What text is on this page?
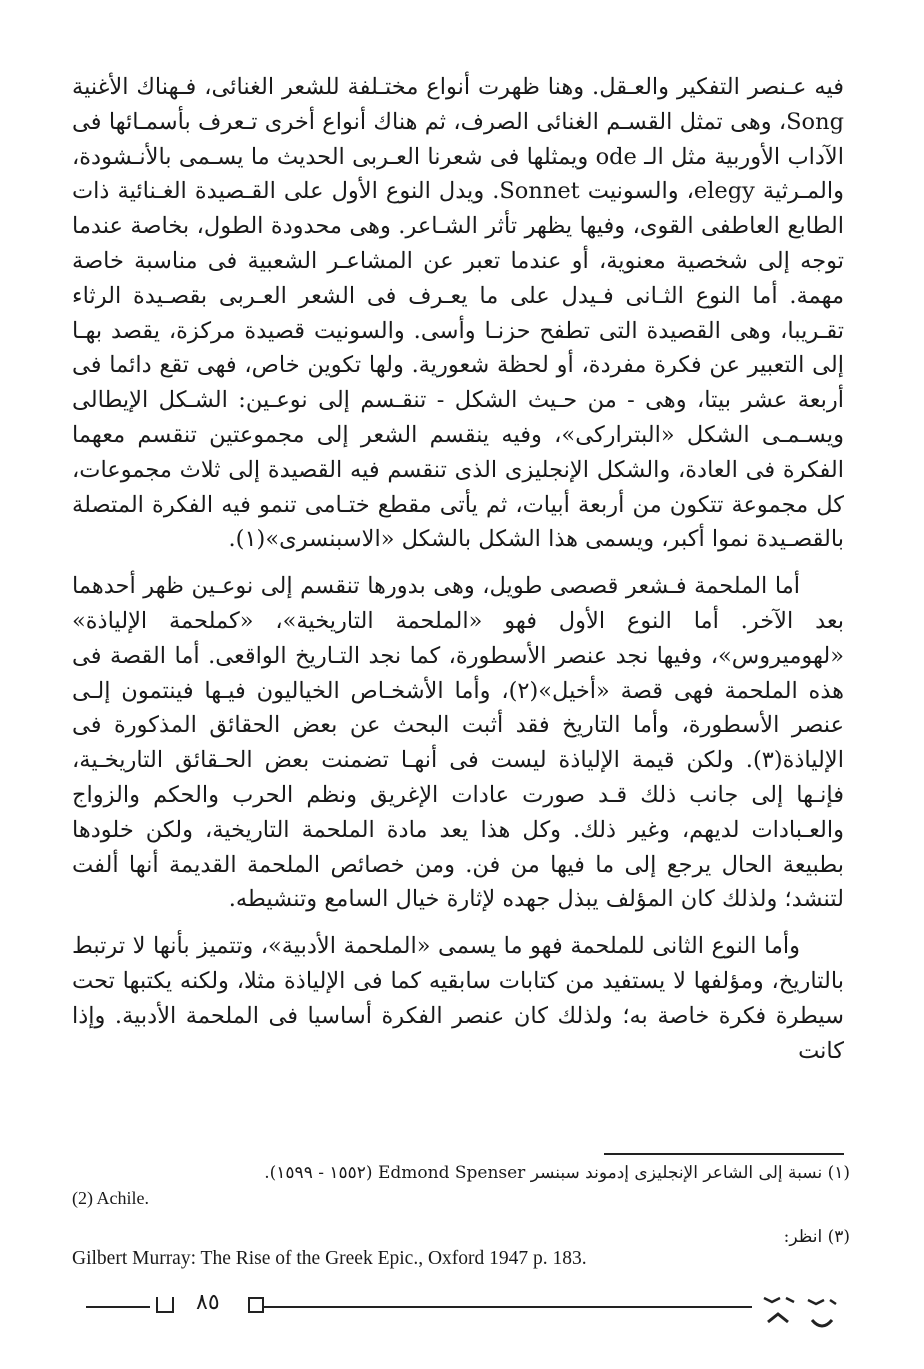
فيه عـنصر التفكير والعـقل. وهنا ظهرت أنواع مختـلفة للشعر الغنائى، فـهناك الأغنية Song، وهى تمثل القسـم الغنائى الصرف، ثم هناك أنواع أخرى تـعرف بأسمـائها فى الآداب الأوربية مثل الـ ode ويمثلها فى شعرنا العـربى الحديث ما يسـمى بالأنـشودة، والمـرثية elegy، والسونيت Sonnet. ويدل النوع الأول على القـصيدة الغـنائية ذات الطابع العاطفى القوى، وفيها يظهر تأثر الشـاعر. وهى محدودة الطول، بخاصة عندما توجه إلى شخصية معنوية، أو عندما تعبر عن المشاعـر الشعبية فى مناسبة خاصة مهمة. أما النوع الثـانى فـيدل على ما يعـرف فى الشعر العـربى بقصـيدة الرثاء تقـريبا، وهى القصيدة التى تطفح حزنـا وأسى. والسونيت قصيدة مركزة، يقصد بهـا إلى التعبير عن فكرة مفردة، أو لحظة شعورية. ولها تكوين خاص، فهى تقع دائما فى أربعة عشر بيتا، وهى - من حـيث الشكل - تنقـسم إلى نوعـين: الشـكل الإيطالى ويسـمـى الشكل «البتراركى»، وفيه ينقسم الشعر إلى مجموعتين تنقسم معهما الفكرة فى العادة، والشكل الإنجليزى الذى تنقسم فيه القصيدة إلى ثلاث مجموعات، كل مجموعة تتكون من أربعة أبيات، ثم يأتى مقطع ختـامى تنمو فيه الفكرة المتصلة بالقصـيدة نموا أكبر، ويسمى هذا الشكل بالشكل «الاسبنسرى»(١).

أما الملحمة فـشعر قصصى طويل، وهى بدورها تنقسم إلى نوعـين ظهر أحدهما بعد الآخر. أما النوع الأول فهو «الملحمة التاريخية»، «كملحمة الإلياذة» «لهوميروس»، وفيها نجد عنصر الأسطورة، كما نجد التـاريخ الواقعى. أما القصة فى هذه الملحمة فهى قصة «أخيل»(٢)، وأما الأشخـاص الخياليون فيـها فينتمون إلـى عنصر الأسطورة، وأما التاريخ فقد أثبت البحث عن بعض الحقائق المذكورة فى الإلياذة(٣). ولكن قيمة الإلياذة ليست فى أنهـا تضمنت بعض الحـقائق التاريخـية، فإنـها إلى جانب ذلك قـد صورت عادات الإغريق ونظم الحرب والحكم والزواج والعـبادات لديهم، وغير ذلك. وكل هذا يعد مادة الملحمة التاريخية، ولكن خلودها بطبيعة الحال يرجع إلى ما فيها من فن. ومن خصائص الملحمة القديمة أنها ألفت لتنشد؛ ولذلك كان المؤلف يبذل جهده لإثارة خيال السامع وتنشيطه.

وأما النوع الثانى للملحمة فهو ما يسمى «الملحمة الأدبية»، وتتميز بأنها لا ترتبط بالتاريخ، ومؤلفها لا يستفيد من كتابات سابقيه كما فى الإلياذة مثلا، ولكنه يكتبها تحت سيطرة فكرة خاصة به؛ ولذلك كان عنصر الفكرة أساسيا فى الملحمة الأدبية. وإذا كانت

(١) نسبة إلى الشاعر الإنجليزى إدموند سبنسر Edmond Spenser (١٥٥٢ - ١٥٩٩).
(2) Achile.
(٣) انظر:
Gilbert Murray: The Rise of the Greek Epic., Oxford 1947 p. 183.
٨٥
